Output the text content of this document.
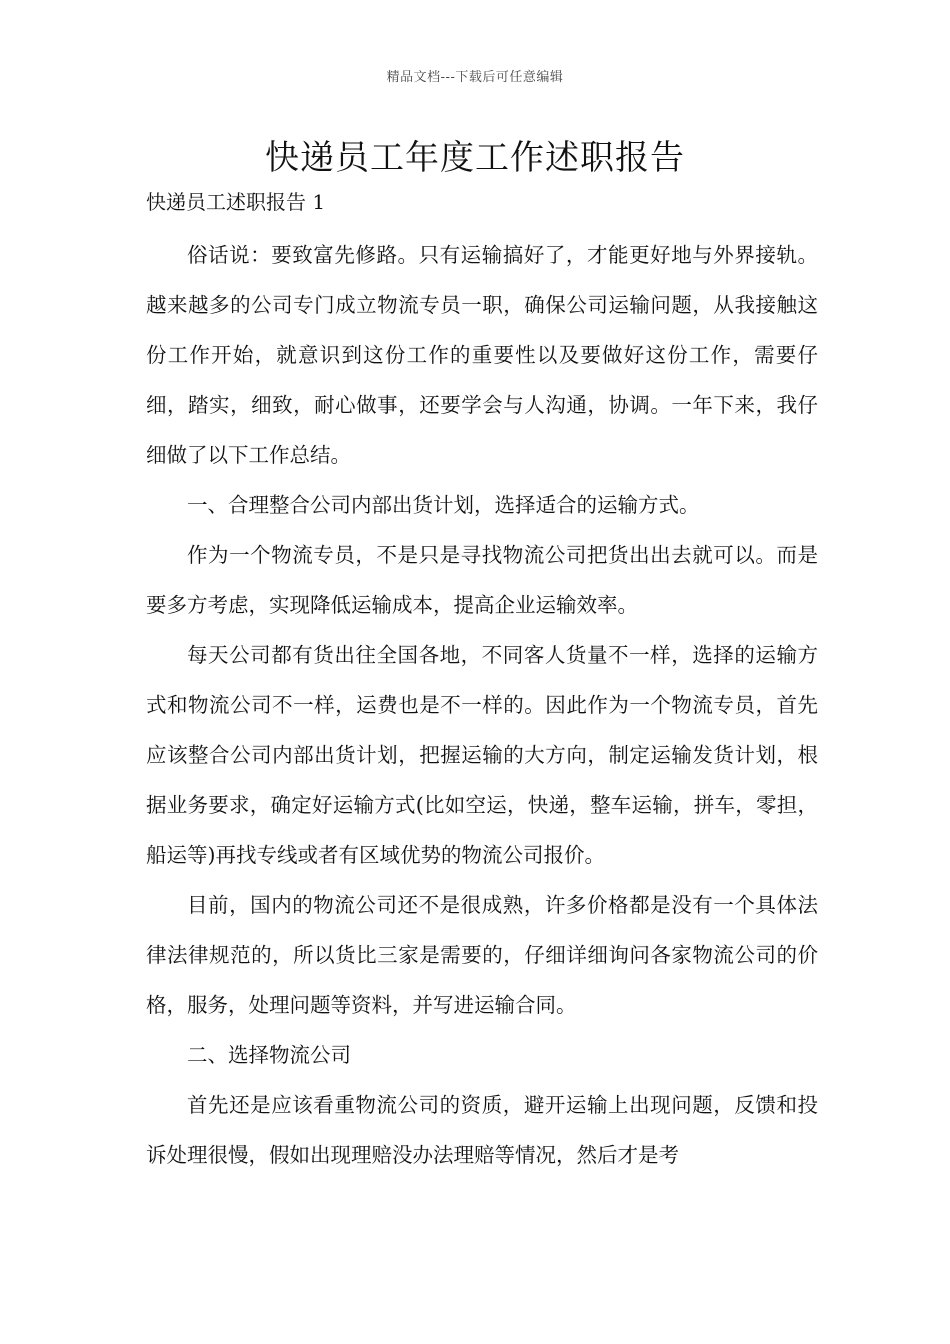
精品文档---下载后可任意编辑
快递员工年度工作述职报告
快递员工述职报告 1

俗话说：要致富先修路。只有运输搞好了，才能更好地与外界接轨。越来越多的公司专门成立物流专员一职，确保公司运输问题，从我接触这份工作开始，就意识到这份工作的重要性以及要做好这份工作，需要仔细，踏实，细致，耐心做事，还要学会与人沟通，协调。一年下来，我仔细做了以下工作总结。

一、合理整合公司内部出货计划，选择适合的运输方式。

作为一个物流专员，不是只是寻找物流公司把货出出去就可以。而是要多方考虑，实现降低运输成本，提高企业运输效率。

每天公司都有货出往全国各地，不同客人货量不一样，选择的运输方式和物流公司不一样，运费也是不一样的。因此作为一个物流专员，首先应该整合公司内部出货计划，把握运输的大方向，制定运输发货计划，根据业务要求，确定好运输方式(比如空运，快递，整车运输，拼车，零担，船运等)再找专线或者有区域优势的物流公司报价。

目前，国内的物流公司还不是很成熟，许多价格都是没有一个具体法律法律规范的，所以货比三家是需要的，仔细详细询问各家物流公司的价格，服务，处理问题等资料，并写进运输合同。

二、选择物流公司

首先还是应该看重物流公司的资质，避开运输上出现问题，反馈和投诉处理很慢，假如出现理赔没办法理赔等情况，然后才是考
